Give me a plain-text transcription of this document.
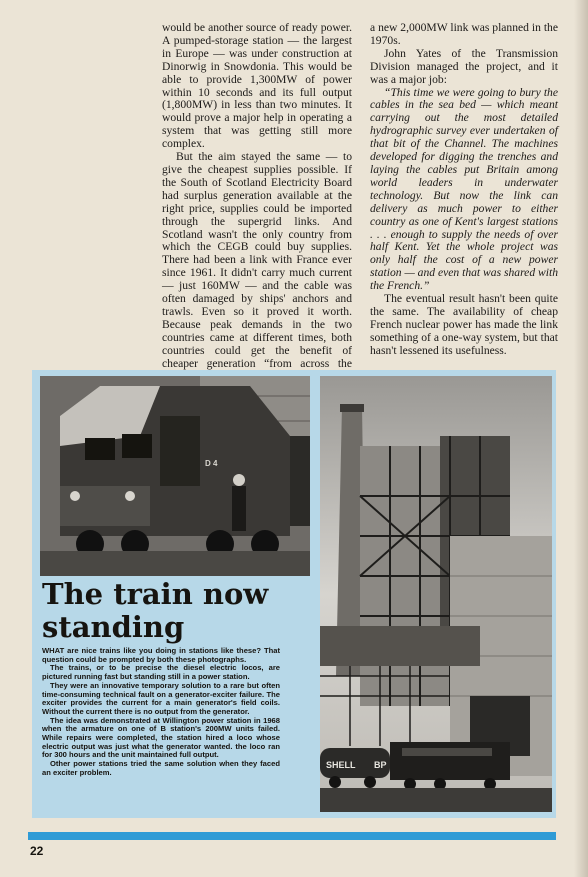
would be another source of ready power. A pumped-storage station — the largest in Europe — was under construction at Dinorwig in Snowdonia. This would be able to provide 1,300MW of power within 10 seconds and its full output (1,800MW) in less than two minutes. It would prove a major help in operating a system that was getting still more complex.

But the aim stayed the same — to give the cheapest supplies possible. If the South of Scotland Electricity Board had surplus generation available at the right price, supplies could be imported through the supergrid links. And Scotland wasn't the only country from which the CEGB could buy supplies. There had been a link with France ever since 1961. It didn't carry much current — just 160MW — and the cable was often damaged by ships' anchors and trawls. Even so it proved it worth. Because peak demands in the two countries came at different times, both countries could get the benefit of cheaper generation “from across the

a new 2,000MW link was planned in the 1970s.

John Yates of the Transmission Division managed the project, and it was a major job:

“This time we were going to bury the cables in the sea bed — which meant carrying out the most detailed hydrographic survey ever undertaken of that bit of the Channel. The machines developed for digging the trenches and laying the cables put Britain among world leaders in underwater technology. But now the link can delivery as much power to either country as one of Kent's largest stations . . . enough to supply the needs of over half Kent. Yet the whole project was only half the cost of a new power station — and even that was shared with the French.”

The eventual result hasn't been quite the same. The availability of cheap French nuclear power has made the link something of a one-way system, but that hasn't lessened its usefulness.

SHELL BP
D 4
The train now standing

WHAT are nice trains like you doing in stations like these? That question could be prompted by both these photographs.

The trains, or to be precise the diesel electric locos, are pictured running fast but standing still in a power station.

They were an innovative temporary solution to a rare but often time-consuming technical fault on a generator-exciter failure. The exciter provides the current for a main generator's field coils. Without the current there is no output from the generator.

The idea was demonstrated at Willington power station in 1968 when the armature on one of B station's 200MW units failed. While repairs were completed, the station hired a loco whose electric output was just what the generator wanted. the loco ran for 300 hours and the unit maintained full output.

Other power stations tried the same solution when they faced an exciter problem.

22
